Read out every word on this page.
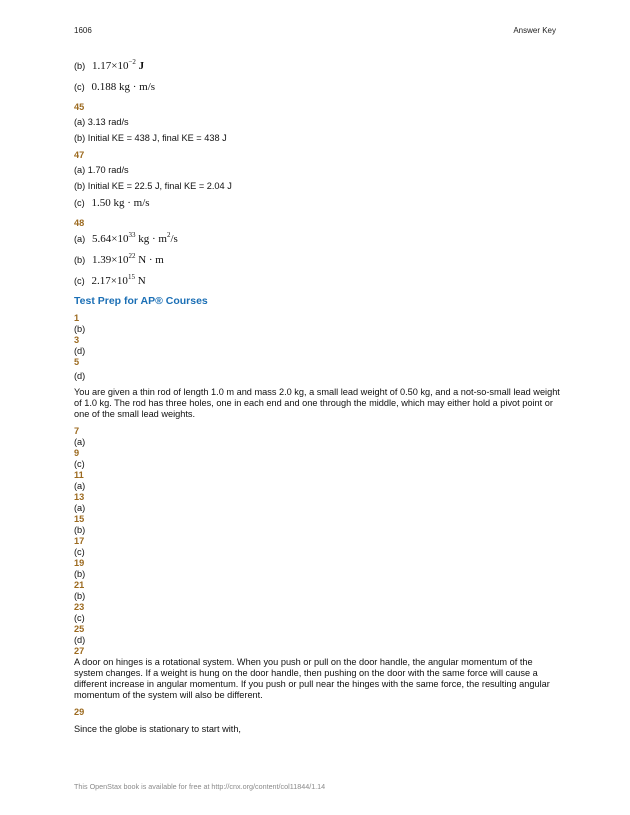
1606	Answer Key
(b) $1.17\times 10^{-2}$ J
(c) 0.188 kg · m/s
45
(a) 3.13 rad/s
(b) Initial KE = 438 J, final KE = 438 J
47
(a) 1.70 rad/s
(b) Initial KE = 22.5 J, final KE = 2.04 J
(c) 1.50 kg · m/s
48
(a) $5.64\times 10^{33}$ kg · $m^2/s$
(b) $1.39\times 10^{22}$ N · m
(c) $2.17\times 10^{15}$ N
Test Prep for AP® Courses
1
(b)
3
(d)
5
(d)
You are given a thin rod of length 1.0 m and mass 2.0 kg, a small lead weight of 0.50 kg, and a not-so-small lead weight of 1.0 kg. The rod has three holes, one in each end and one through the middle, which may either hold a pivot point or one of the small lead weights.
7
(a)
9
(c)
11
(a)
13
(a)
15
(b)
17
(c)
19
(b)
21
(b)
23
(c)
25
(d)
27
A door on hinges is a rotational system. When you push or pull on the door handle, the angular momentum of the system changes. If a weight is hung on the door handle, then pushing on the door with the same force will cause a different increase in angular momentum. If you push or pull near the hinges with the same force, the resulting angular momentum of the system will also be different.
29
Since the globe is stationary to start with,
This OpenStax book is available for free at http://cnx.org/content/col11844/1.14
